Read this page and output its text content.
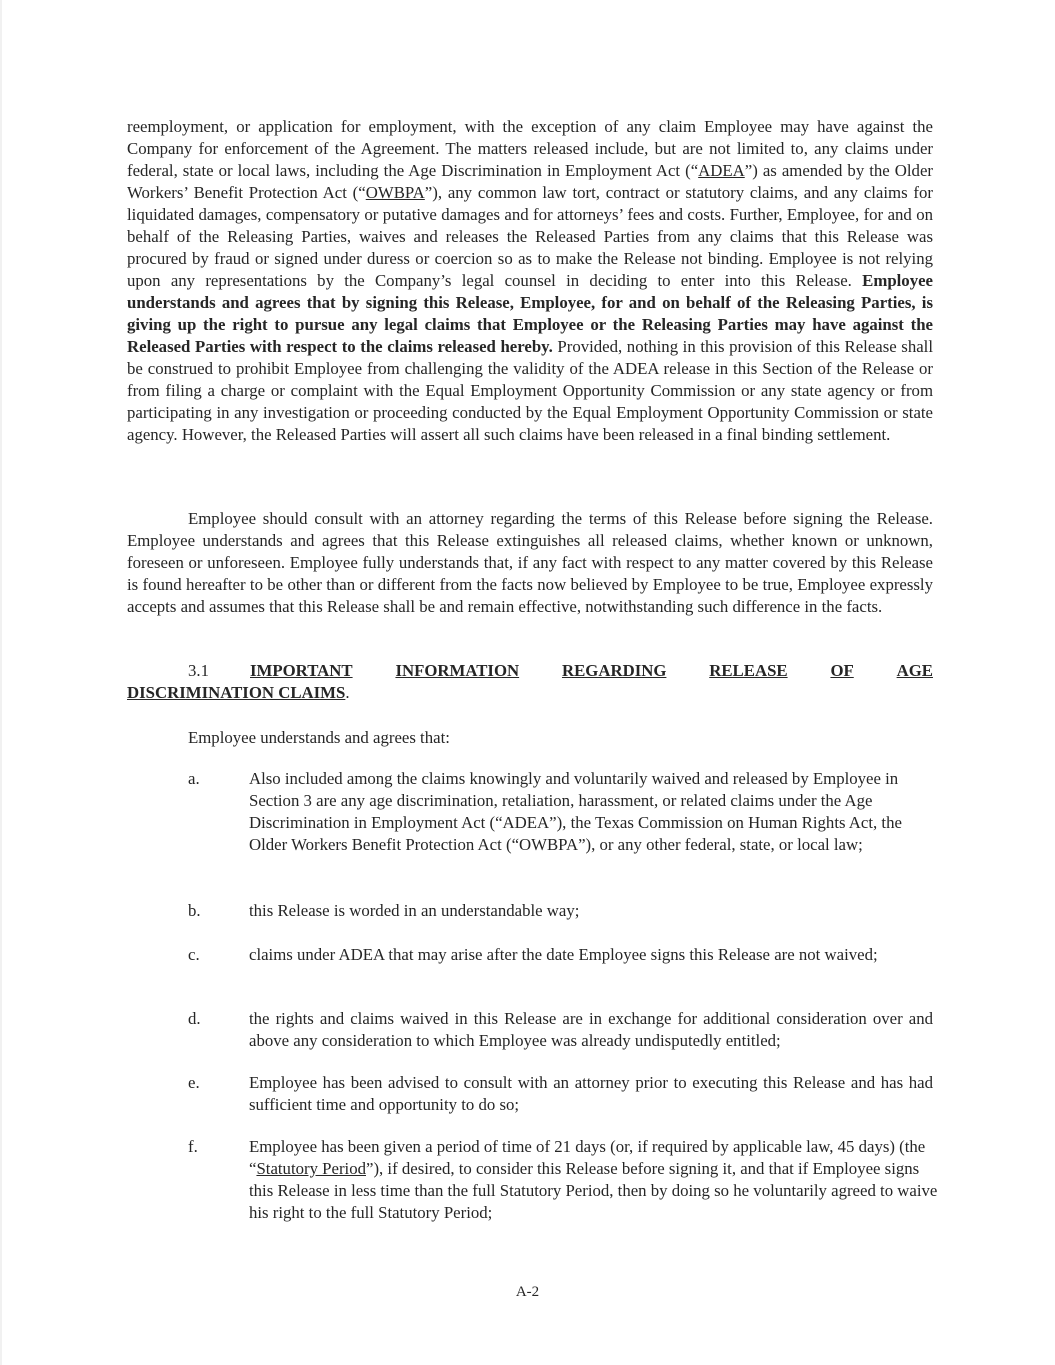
reemployment, or application for employment, with the exception of any claim Employee may have against the Company for enforcement of the Agreement. The matters released include, but are not limited to, any claims under federal, state or local laws, including the Age Discrimination in Employment Act (“ADEA”) as amended by the Older Workers’ Benefit Protection Act (“OWBPA”), any common law tort, contract or statutory claims, and any claims for liquidated damages, compensatory or putative damages and for attorneys’ fees and costs. Further, Employee, for and on behalf of the Releasing Parties, waives and releases the Released Parties from any claims that this Release was procured by fraud or signed under duress or coercion so as to make the Release not binding. Employee is not relying upon any representations by the Company’s legal counsel in deciding to enter into this Release. Employee understands and agrees that by signing this Release, Employee, for and on behalf of the Releasing Parties, is giving up the right to pursue any legal claims that Employee or the Releasing Parties may have against the Released Parties with respect to the claims released hereby. Provided, nothing in this provision of this Release shall be construed to prohibit Employee from challenging the validity of the ADEA release in this Section of the Release or from filing a charge or complaint with the Equal Employment Opportunity Commission or any state agency or from participating in any investigation or proceeding conducted by the Equal Employment Opportunity Commission or state agency. However, the Released Parties will assert all such claims have been released in a final binding settlement.

Employee should consult with an attorney regarding the terms of this Release before signing the Release. Employee understands and agrees that this Release extinguishes all released claims, whether known or unknown, foreseen or unforeseen. Employee fully understands that, if any fact with respect to any matter covered by this Release is found hereafter to be other than or different from the facts now believed by Employee to be true, Employee expressly accepts and assumes that this Release shall be and remain effective, notwithstanding such difference in the facts.

3.1	IMPORTANT	INFORMATION	REGARDING	RELEASE	OF	AGE
DISCRIMINATION CLAIMS.

Employee understands and agrees that:

a.	Also included among the claims knowingly and voluntarily waived and released by Employee in Section 3 are any age discrimination, retaliation, harassment, or related claims under the Age Discrimination in Employment Act (“ADEA”), the Texas Commission on Human Rights Act, the Older Workers Benefit Protection Act (“OWBPA”), or any other federal, state, or local law;
b.	this Release is worded in an understandable way;
c.	claims under ADEA that may arise after the date Employee signs this Release are not waived;
d.	the rights and claims waived in this Release are in exchange for additional consideration over and above any consideration to which Employee was already undisputedly entitled;
e.	Employee has been advised to consult with an attorney prior to executing this Release and has had sufficient time and opportunity to do so;
f.	Employee has been given a period of time of 21 days (or, if required by applicable law, 45 days) (the “Statutory Period”), if desired, to consider this Release before signing it, and that if Employee signs this Release in less time than the full Statutory Period, then by doing so he voluntarily agreed to waive his right to the full Statutory Period;
A-2
